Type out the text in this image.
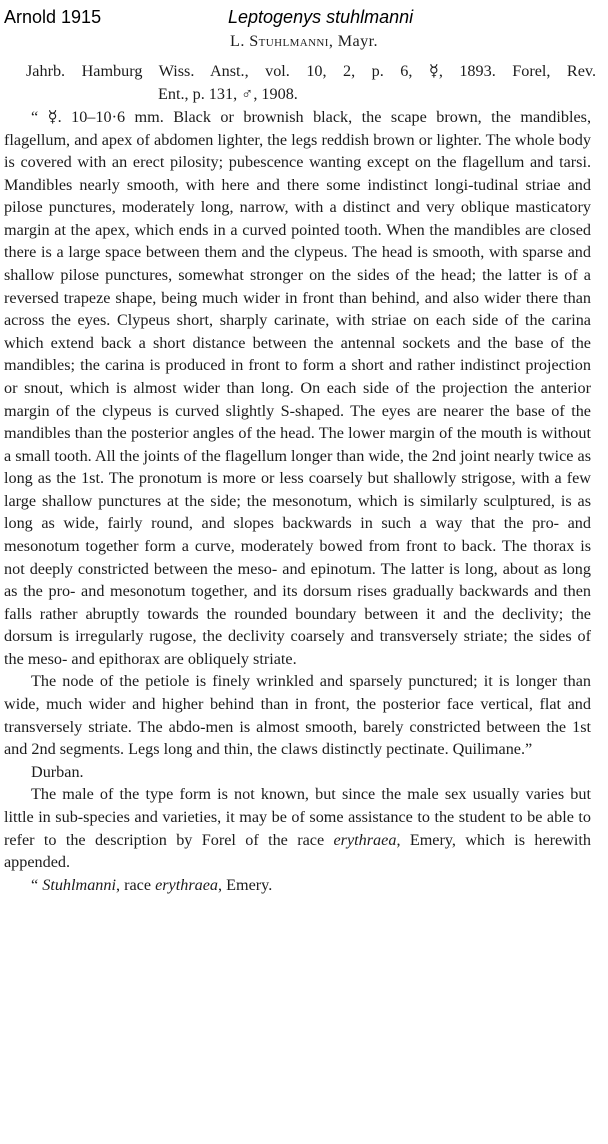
Arnold 1915	Leptogenys stuhlmanni
L. Stuhlmanni, Mayr.
Jahrb. Hamburg Wiss. Anst., vol. 10, 2, p. 6, ☿, 1893. Forel, Rev.
Ent., p. 131, ♂, 1908.

“ ☿. 10–10·6 mm. Black or brownish black, the scape brown, the mandibles, flagellum, and apex of abdomen lighter, the legs reddish brown or lighter. The whole body is covered with an erect pilosity; pubescence wanting except on the flagellum and tarsi. Mandibles nearly smooth, with here and there some indistinct longi-tudinal striae and pilose punctures, moderately long, narrow, with a distinct and very oblique masticatory margin at the apex, which ends in a curved pointed tooth. When the mandibles are closed there is a large space between them and the clypeus. The head is smooth, with sparse and shallow pilose punctures, somewhat stronger on the sides of the head; the latter is of a reversed trapeze shape, being much wider in front than behind, and also wider there than across the eyes. Clypeus short, sharply carinate, with striae on each side of the carina which extend back a short distance between the antennal sockets and the base of the mandibles; the carina is produced in front to form a short and rather indistinct projection or snout, which is almost wider than long. On each side of the projection the anterior margin of the clypeus is curved slightly S-shaped. The eyes are nearer the base of the mandibles than the posterior angles of the head. The lower margin of the mouth is without a small tooth. All the joints of the flagellum longer than wide, the 2nd joint nearly twice as long as the 1st. The pronotum is more or less coarsely but shallowly strigose, with a few large shallow punctures at the side; the mesonotum, which is similarly sculptured, is as long as wide, fairly round, and slopes backwards in such a way that the pro- and mesonotum together form a curve, moderately bowed from front to back. The thorax is not deeply constricted between the meso- and epinotum. The latter is long, about as long as the pro- and mesonotum together, and its dorsum rises gradually backwards and then falls rather abruptly towards the rounded boundary between it and the declivity; the dorsum is irregularly rugose, the declivity coarsely and transversely striate; the sides of the meso- and epithorax are obliquely striate.

The node of the petiole is finely wrinkled and sparsely punctured; it is longer than wide, much wider and higher behind than in front, the posterior face vertical, flat and transversely striate. The abdo-men is almost smooth, barely constricted between the 1st and 2nd segments. Legs long and thin, the claws distinctly pectinate. Quilimane.”

Durban.

The male of the type form is not known, but since the male sex usually varies but little in sub-species and varieties, it may be of some assistance to the student to be able to refer to the description by Forel of the race erythraea, Emery, which is herewith appended.

“ Stuhlmanni, race erythraea, Emery.
